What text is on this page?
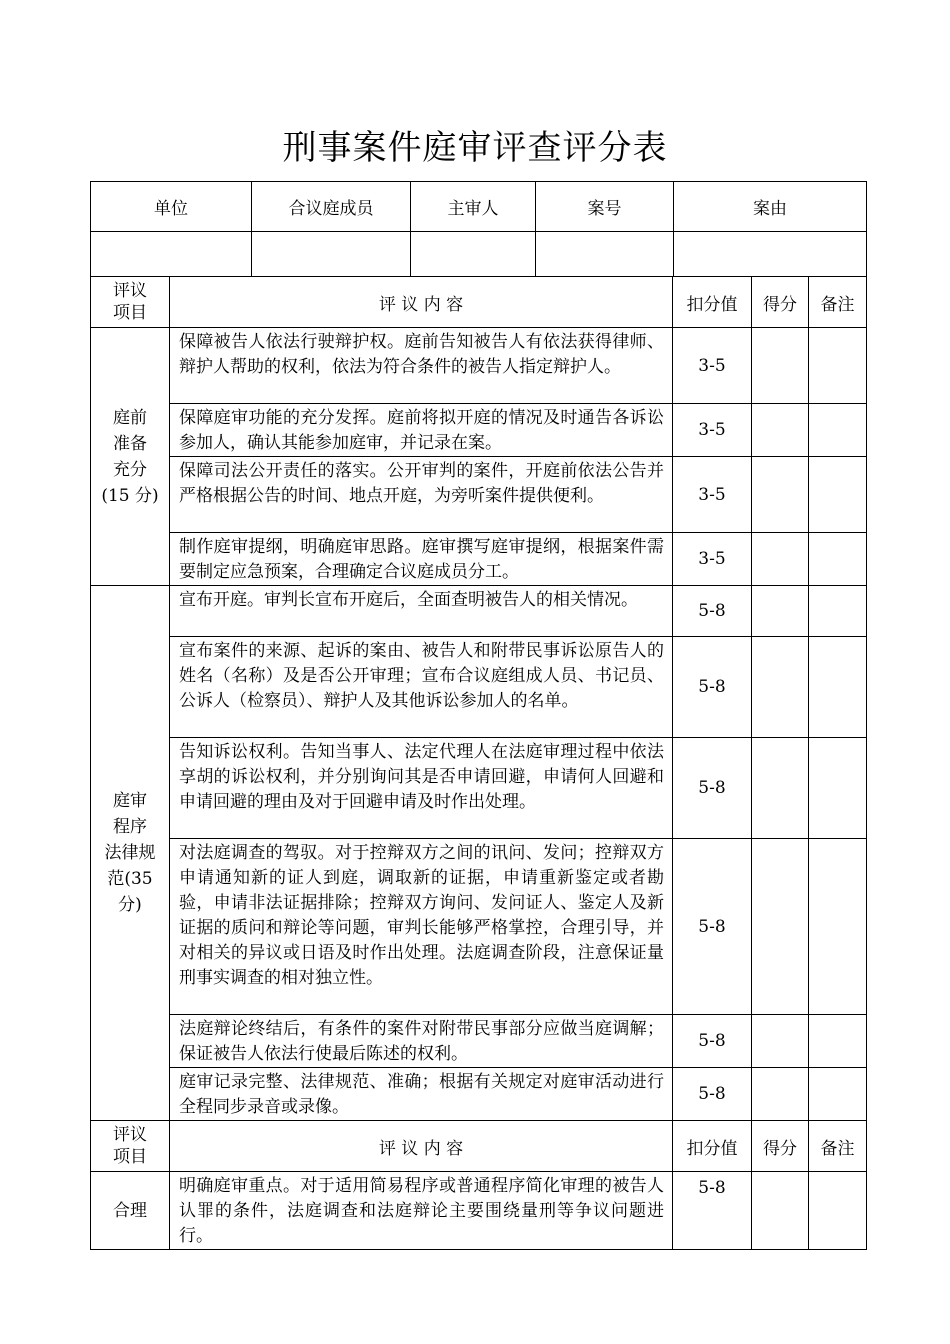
刑事案件庭审评查评分表
单位	合议庭成员	主审人	案号	案由

评议
项目	评 议 内 容	扣分值	得分	备注
庭前
准备
充分
(15 分)	保障被告人依法行驶辩护权。庭前告知被告人有依法获得律师、辩护人帮助的权利，依法为符合条件的被告人指定辩护人。	3-5		
	保障庭审功能的充分发挥。庭前将拟开庭的情况及时通告各诉讼参加人，确认其能参加庭审，并记录在案。	3-5		
	保障司法公开责任的落实。公开审判的案件，开庭前依法公告并严格根据公告的时间、地点开庭，为旁听案件提供便利。	3-5		
	制作庭审提纲，明确庭审思路。庭审撰写庭审提纲，根据案件需要制定应急预案，合理确定合议庭成员分工。	3-5		
庭审
程序
法律规
范(35
分)	宣布开庭。审判长宣布开庭后，全面查明被告人的相关情况。	5-8		
	宣布案件的来源、起诉的案由、被告人和附带民事诉讼原告人的姓名（名称）及是否公开审理；宣布合议庭组成人员、书记员、公诉人（检察员）、辩护人及其他诉讼参加人的名单。	5-8		
	告知诉讼权利。告知当事人、法定代理人在法庭审理过程中依法享胡的诉讼权利，并分别询问其是否申请回避，申请何人回避和申请回避的理由及对于回避申请及时作出处理。	5-8		
	对法庭调查的驾驭。对于控辩双方之间的讯问、发问；控辩双方申请通知新的证人到庭，调取新的证据，申请重新鉴定或者勘验，申请非法证据排除；控辩双方询问、发问证人、鉴定人及新证据的质问和辩论等问题，审判长能够严格掌控，合理引导，并对相关的异议或日语及时作出处理。法庭调查阶段，注意保证量刑事实调查的相对独立性。	5-8		
	法庭辩论终结后，有条件的案件对附带民事部分应做当庭调解；保证被告人依法行使最后陈述的权利。	5-8		
	庭审记录完整、法律规范、准确；根据有关规定对庭审活动进行全程同步录音或录像。	5-8		
评议
项目	评 议 内 容	扣分值	得分	备注
合理	明确庭审重点。对于适用简易程序或普通程序简化审理的被告人认罪的条件，法庭调查和法庭辩论主要围绕量刑等争议问题进行。	5-8		
